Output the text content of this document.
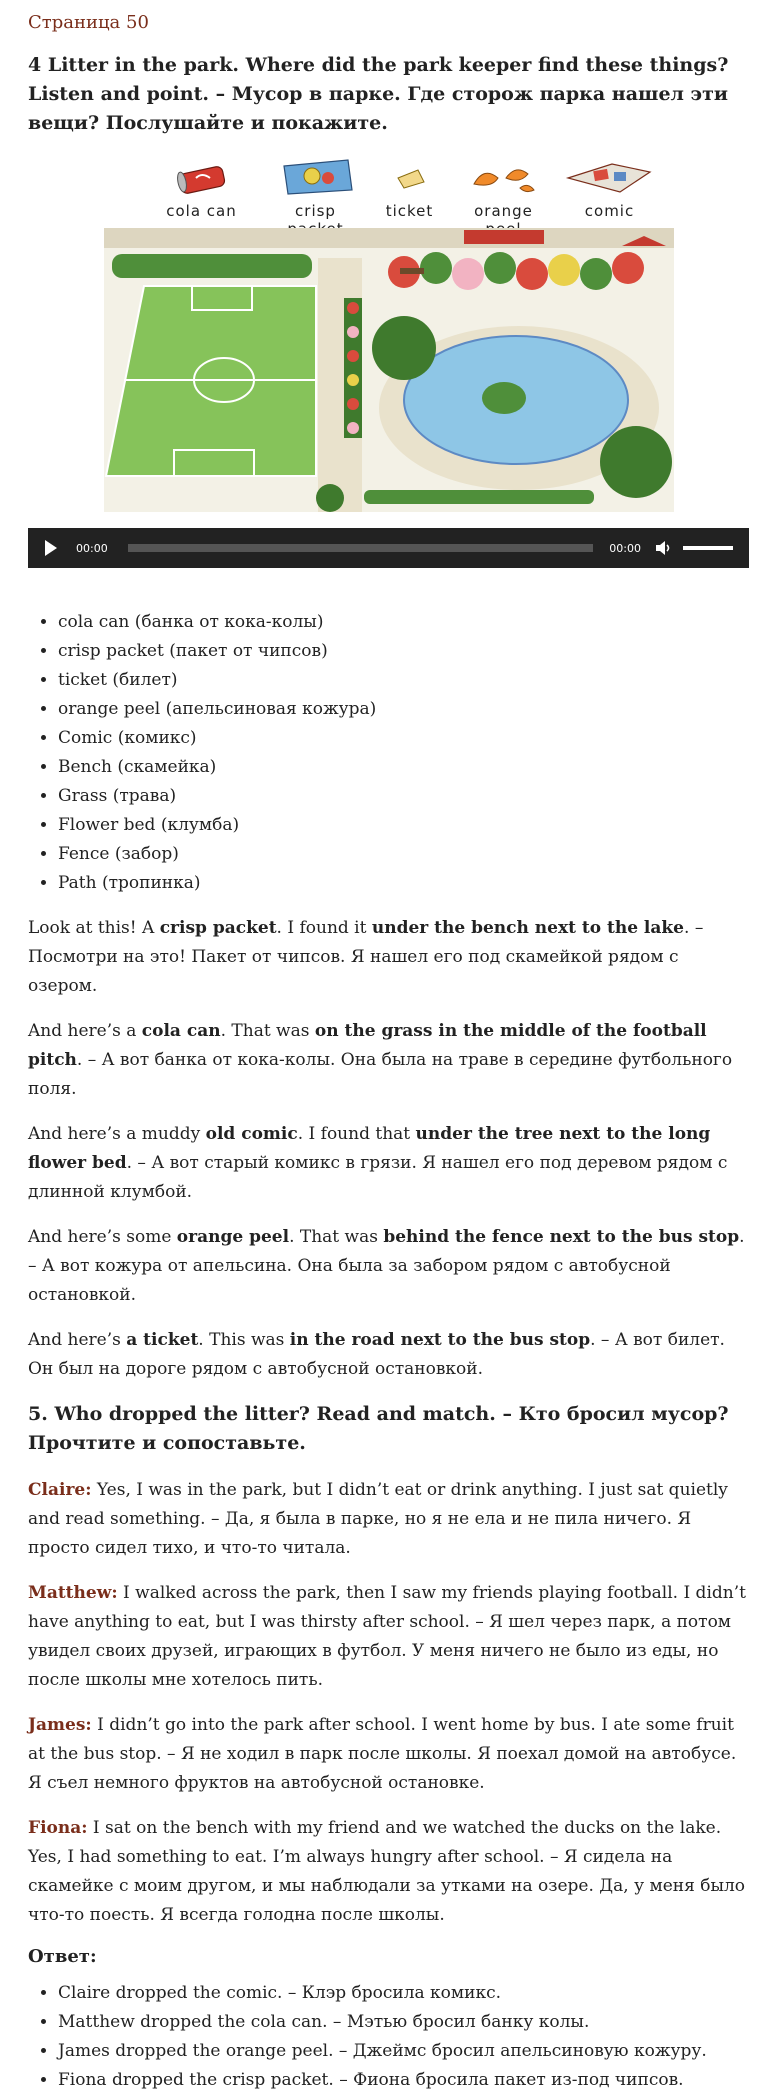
Страница 50
4 Litter in the park. Where did the park keeper find these things? Listen and point. – Мусор в парке. Где сторож парка нашел эти вещи? Послушайте и покажите.
cola can	crisp	ticket	orange	comic
00:00	00:00
• cola can (банка от кока-колы)
• crisp packet (пакет от чипсов)
• ticket (билет)
• orange peel (апельсиновая кожура)
• Comic (комикс)
• Bench (скамейка)
• Grass (трава)
• Flower bed (клумба)
• Fence (забор)
• Path (тропинка)

Look at this! A crisp packet. I found it under the bench next to the lake. – Посмотри на это! Пакет от чипсов. Я нашел его под скамейкой рядом с озером.

And here’s a cola can. That was on the grass in the middle of the football pitch. – А вот банка от кока-колы. Она была на траве в середине футбольного поля.

And here’s a muddy old comic. I found that under the tree next to the long flower bed. – А вот старый комикс в грязи. Я нашел его под деревом рядом с длинной клумбой.

And here’s some orange peel. That was behind the fence next to the bus stop. – А вот кожура от апельсина. Она была за забором рядом с автобусной остановкой.

And here’s a ticket. This was in the road next to the bus stop. – А вот билет. Он был на дороге рядом с автобусной остановкой.

5. Who dropped the litter? Read and match. – Кто бросил мусор? Прочтите и сопоставьте.

Claire: Yes, I was in the park, but I didn’t eat or drink anything. I just sat quietly and read something. – Да, я была в парке, но я не ела и не пила ничего. Я просто сидел тихо, и что-то читала.

Matthew: I walked across the park, then I saw my friends playing football. I didn’t have anything to eat, but I was thirsty after school. – Я шел через парк, а потом увидел своих друзей, играющих в футбол. У меня ничего не было из еды, но после школы мне хотелось пить.

James: I didn’t go into the park after school. I went home by bus. I ate some fruit at the bus stop. – Я не ходил в парк после школы. Я поехал домой на автобусе. Я съел немного фруктов на автобусной остановке.

Fiona: I sat on the bench with my friend and we watched the ducks on the lake. Yes, I had something to eat. I’m always hungry after school. – Я сидела на скамейке с моим другом, и мы наблюдали за утками на озере. Да, у меня было что-то поесть. Я всегда голодна после школы.

Ответ:
• Claire dropped the comic. – Клэр бросила комикс.
• Matthew dropped the cola can. – Мэтью бросил банку колы.
• James dropped the orange peel. – Джеймс бросил апельсиновую кожуру.
• Fiona dropped the crisp packet. – Фиона бросила пакет из-под чипсов.
